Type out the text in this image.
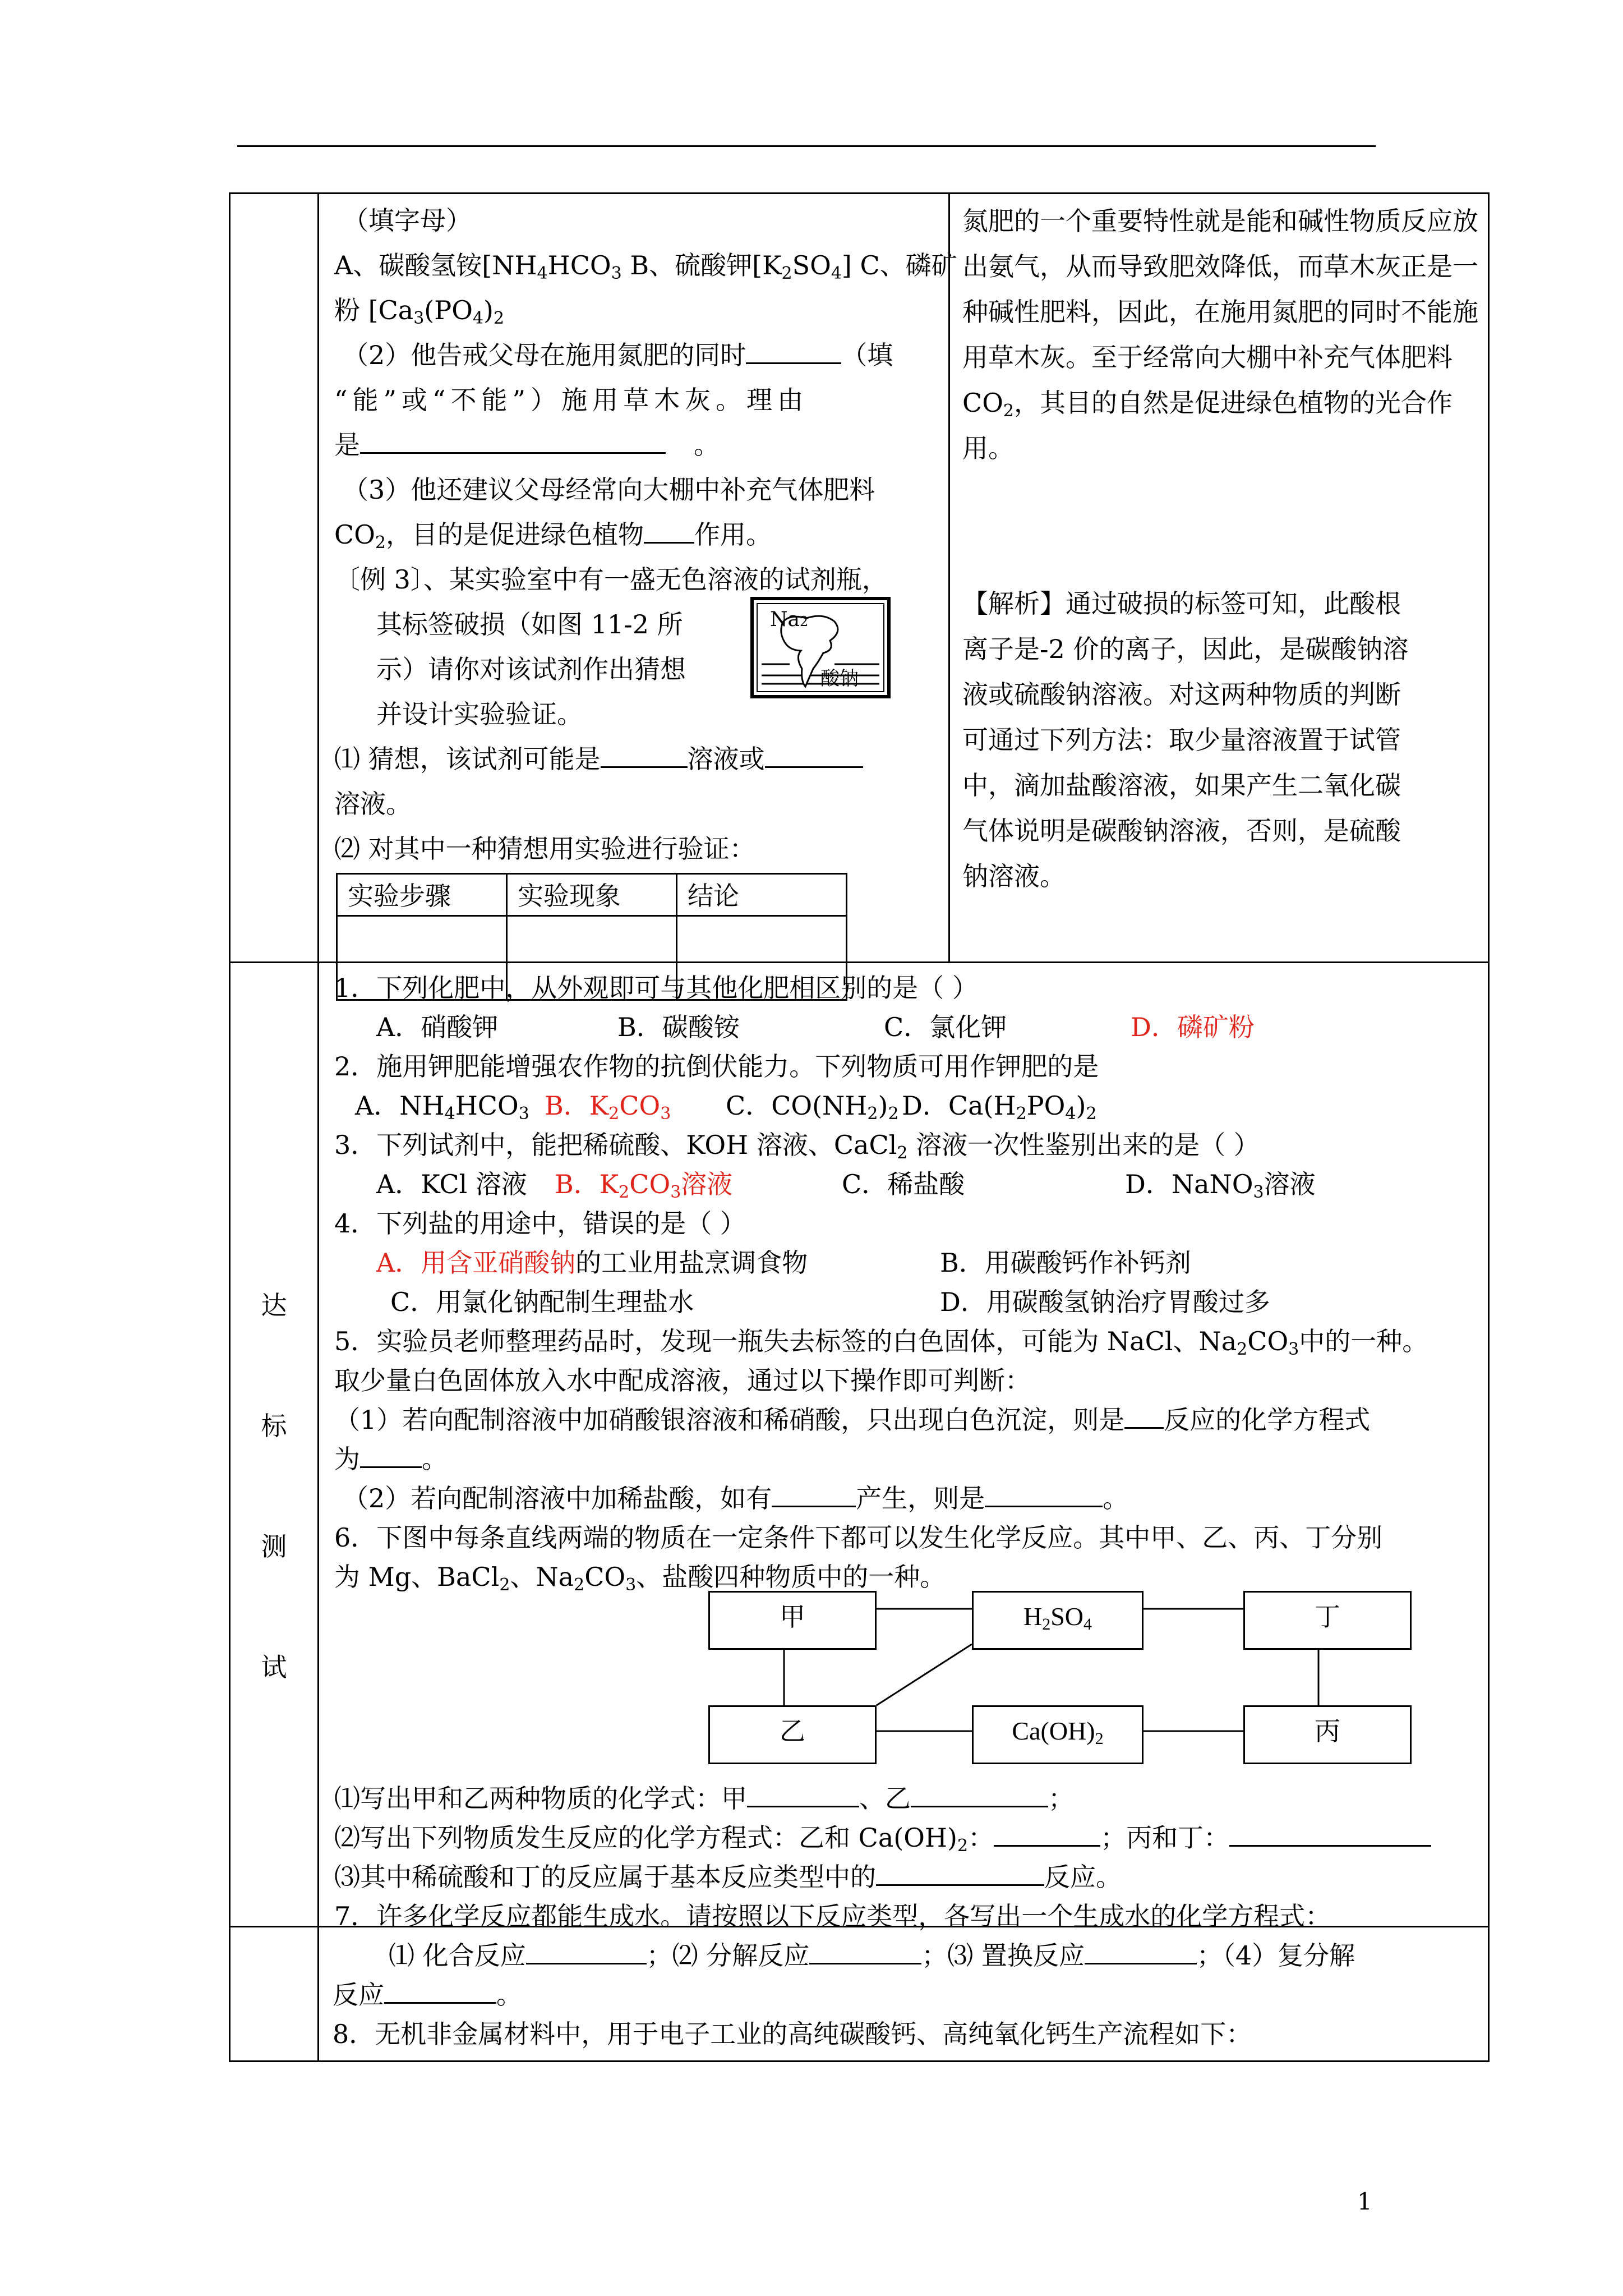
（填字母）
A、碳酸氢铵[$NH_4HCO_3$ B、硫酸钾$[K_2SO_4]$ C、磷矿
粉 [$Ca_3(PO_4)_2$
（2）他告戒父母在施用氮肥的同时	（填
“能”或“不能”）施用草木灰。理由
是	。
（3）他还建议父母经常向大棚中补充气体肥料
$CO_2$，目的是促进绿色植物 作用。
〔例 3〕、某实验室中有一盛无色溶液的试剂瓶，
其标签破损（如图 11-2 所
示）请你对该试剂作出猜想
并设计实验验证。
Na2
酸钠
⑴ 猜想，该试剂可能是	溶液或
溶液。
⑵ 对其中一种猜想用实验进行验证：
实验步骤	实验现象	结论

氮肥的一个重要特性就是能和碱性物质反应放出氨气，从而导致肥效降低，而草木灰正是一种碱性肥料，因此，在施用氮肥的同时不能施用草木灰。至于经常向大棚中补充气体肥料 $CO_2$，其目的自然是促进绿色植物的光合作用。
【解析】通过破损的标签可知，此酸根离子是-2 价的离子，因此，是碳酸钠溶液或硫酸钠溶液。对这两种物质的判断可通过下列方法：取少量溶液置于试管中，滴加盐酸溶液，如果产生二氧化碳气体说明是碳酸钠溶液，否则，是硫酸钠溶液。
达
标
测
试
1．下列化肥中，从外观即可与其他化肥相区别的是（ ）
A．硝酸钾	B．碳酸铵	C．氯化钾	D．磷矿粉
2．施用钾肥能增强农作物的抗倒伏能力。下列物质可用作钾肥的是
A．$NH_4HCO_3$ B．$K_2CO_3$ C．$CO(NH_2)_2$ D．$Ca(H_2PO_4)_2$
3．下列试剂中，能把稀硫酸、KOH 溶液、CaCl$_2$ 溶液一次性鉴别出来的是（ ）
A．KCl 溶液 B．$K_2CO_3$溶液	C．稀盐酸	D．NaNO$_3$溶液
4．下列盐的用途中，错误的是（ ）
A．用含亚硝酸钠的工业用盐烹调食物	B．用碳酸钙作补钙剂
C．用氯化钠配制生理盐水	D．用碳酸氢钠治疗胃酸过多
5．实验员老师整理药品时，发现一瓶失去标签的白色固体，可能为 NaCl、$Na_2CO_3$中的一种。
取少量白色固体放入水中配成溶液，通过以下操作即可判断：
（1）若向配制溶液中加硝酸银溶液和稀硝酸，只出现白色沉淀，则是 反应的化学方程式
为 。
（2）若向配制溶液中加稀盐酸，如有	产生，则是	。
6．下图中每条直线两端的物质在一定条件下都可以发生化学反应。其中甲、乙、丙、丁分别
为 Mg、BaCl$_2$、$Na_2CO_3$、盐酸四种物质中的一种。
甲	$H_2SO_4$	丁
乙	$Ca(OH)_2$	丙
⑴写出甲和乙两种物质的化学式：甲	、乙	；
⑵写出下列物质发生反应的化学方程式：乙和 $Ca(OH)_2$：	；丙和丁：
⑶其中稀硫酸和丁的反应属于基本反应类型中的	反应。
7．许多化学反应都能生成水。请按照以下反应类型，各写出一个生成水的化学方程式：
⑴ 化合反应	；⑵ 分解反应	；⑶ 置换反应	；（4）复分解
反应	。
8．无机非金属材料中，用于电子工业的高纯碳酸钙、高纯氧化钙生产流程如下：
1
